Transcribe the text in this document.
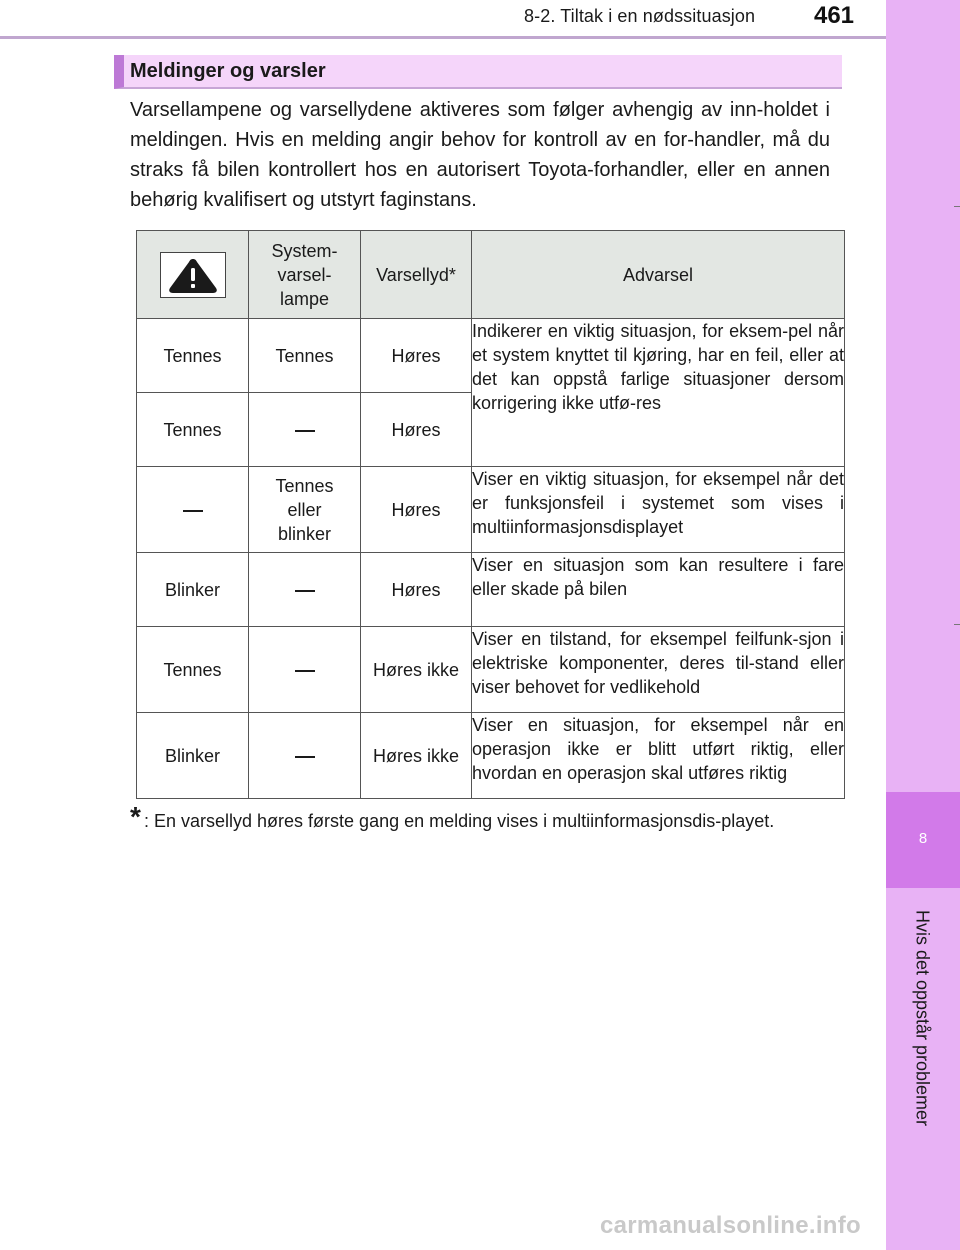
8-2. Tiltak i en nødssituasjon	461
8
Hvis det oppstår problemer
Meldinger og varsler
Varsellampene og varsellydene aktiveres som følger avhengig av inn-holdet i meldingen. Hvis en melding angir behov for kontroll av en for-handler, må du straks få bilen kontrollert hos en autorisert Toyota-forhandler, eller en annen behørig kvalifisert og utstyrt faginstans.
	System-varsel-lampe	Varsellyd*	Advarsel
Tennes	Tennes	Høres	Indikerer en viktig situasjon, for eksem-pel når et system knyttet til kjøring, har en feil, eller at det kan oppstå farlige situasjoner dersom korrigering ikke utfø-res
Tennes		Høres	
	Tennes eller blinker	Høres	Viser en viktig situasjon, for eksempel når det er funksjonsfeil i systemet som vises i multiinformasjonsdisplayet
Blinker		Høres	Viser en situasjon som kan resultere i fare eller skade på bilen
Tennes		Høres ikke	Viser en tilstand, for eksempel feilfunk-sjon i elektriske komponenter, deres til-stand eller viser behovet for vedlikehold
Blinker		Høres ikke	Viser en situasjon, for eksempel når en operasjon ikke er blitt utført riktig, eller hvordan en operasjon skal utføres riktig
* : En varsellyd høres første gang en melding vises i multiinformasjonsdis-playet.
carmanualsonline.info
